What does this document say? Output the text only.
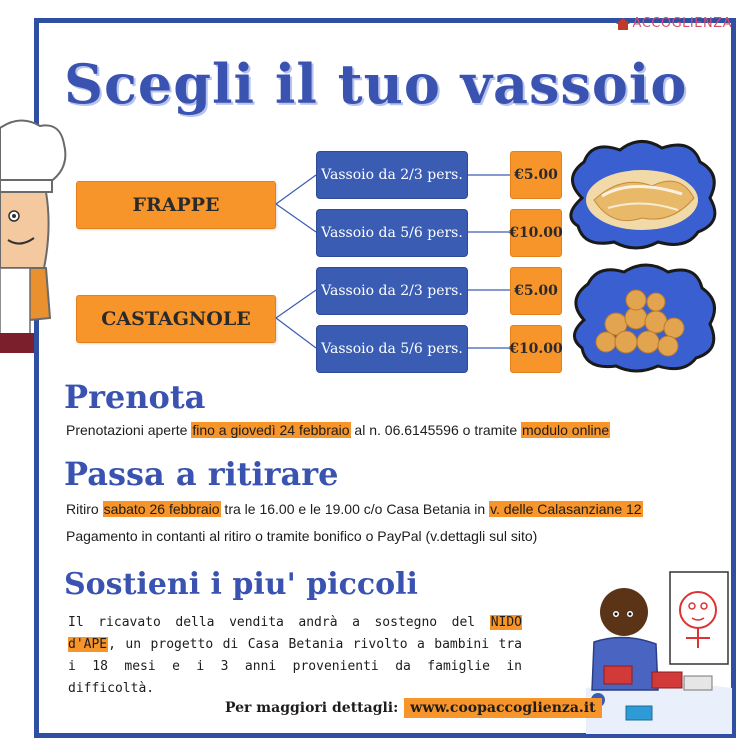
ACCOGLIENZA
Scegli il tuo vassoio
FRAPPE
CASTAGNOLE
Vassoio da 2/3 pers.
Vassoio da 5/6 pers.
Vassoio da 2/3 pers.
Vassoio da 5/6 pers.
€5.00
€10.00
€5.00
€10.00
Prenota
Prenotazioni aperte fino a giovedì 24 febbraio al n. 06.6145596 o tramite modulo online
Passa a ritirare
Ritiro sabato 26 febbraio tra le 16.00 e le 19.00 c/o Casa Betania in v. delle Calasanziane 12
Pagamento in contanti al ritiro o tramite bonifico o PayPal (v.dettagli sul sito)
Sostieni i piu' piccoli
Il ricavato della vendita andrà a sostegno del NIDO d'APE, un progetto di Casa Betania rivolto a bambini tra i 18 mesi e i 3 anni provenienti da famiglie in difficoltà.
Per maggiori dettagli: www.coopaccoglienza.it
